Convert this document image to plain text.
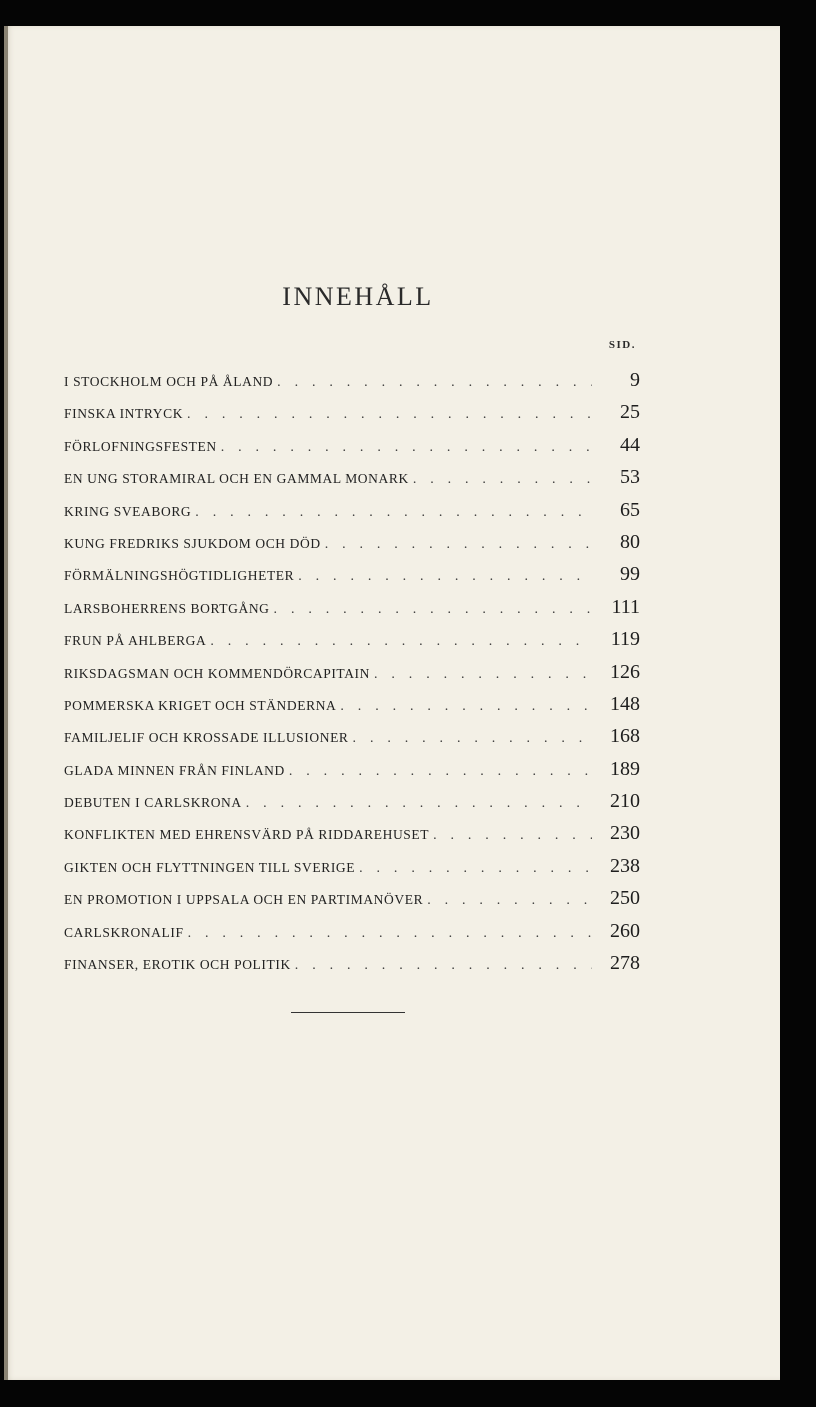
INNEHÅLL
SID.
I STOCKHOLM OCH PÅ ÅLAND . . .	9
FINSKA INTRYCK . . .	25
FÖRLOFNINGSFESTEN . . .	44
EN UNG STORAMIRAL OCH EN GAMMAL MONARK . . .	53
KRING SVEABORG . . .	65
KUNG FREDRIKS SJUKDOM OCH DÖD . . .	80
FÖRMÄLNINGSHÖGTIDLIGHETER . . .	99
LARSBOHERRENS BORTGÅNG . . .	111
FRUN PÅ AHLBERGA . . .	119
RIKSDAGSMAN OCH KOMMENDÖRCAPITAIN . . .	126
POMMERSKA KRIGET OCH STÄNDERNA . . .	148
FAMILJELIF OCH KROSSADE ILLUSIONER . . .	168
GLADA MINNEN FRÅN FINLAND . . .	189
DEBUTEN I CARLSKRONA . . .	210
KONFLIKTEN MED EHRENSVÄRD PÅ RIDDAREHUSET . . .	230
GIKTEN OCH FLYTTNINGEN TILL SVERIGE . . .	238
EN PROMOTION I UPPSALA OCH EN PARTIMANÖVER . . .	250
CARLSKRONALIF . . .	260
FINANSER, EROTIK OCH POLITIK . . .	278
